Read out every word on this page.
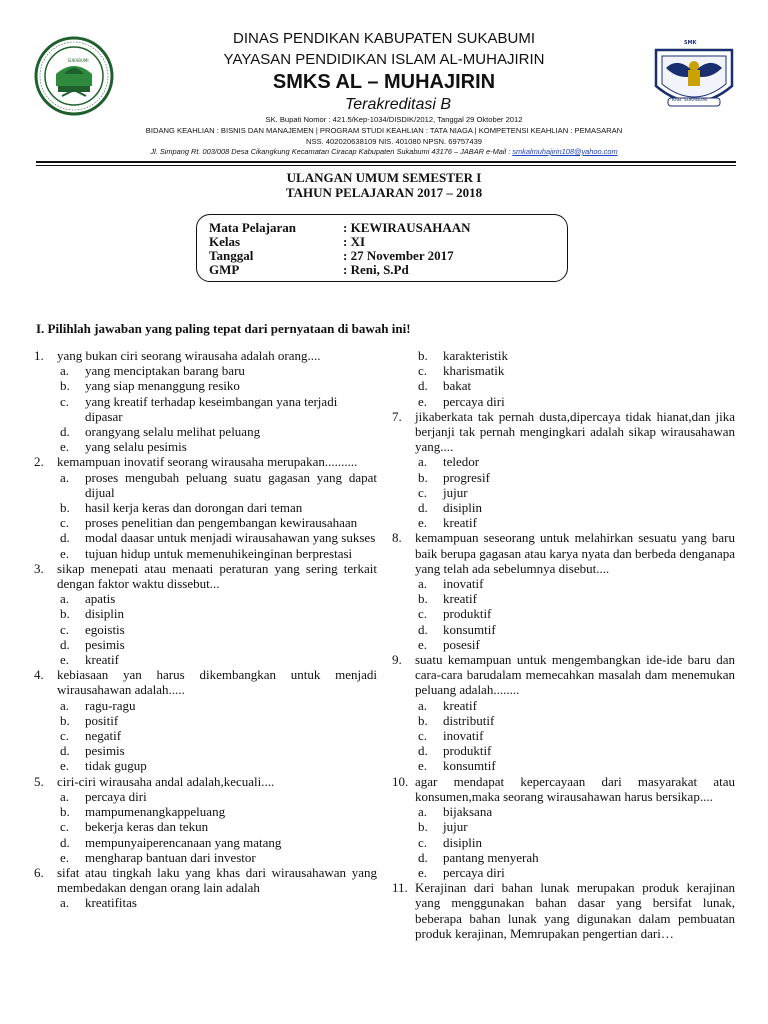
SUKABUMI
SMK
KAB. SUKABUMI
DINAS PENDIKAN KABUPATEN SUKABUMI
YAYASAN PENDIDIKAN ISLAM AL-MUHAJIRIN
SMKS AL – MUHAJIRIN
Terakreditasi B
SK. Bupati Nomor : 421.5/Kep-1034/DISDIK/2012, Tanggal 29 Oktober 2012
BIDANG KEAHLIAN : BISNIS DAN MANAJEMEN | PROGRAM STUDI KEAHLIAN : TATA NIAGA | KOMPETENSI KEAHLIAN : PEMASARAN
NSS. 402020638109 NIS. 401080 NPSN. 69757439
Jl. Simpang Rt. 003/008 Desa Cikangkung Kecamatan Ciracap Kabupaten Sukabumi 43176 – JABAR e-Mail : smkalmuhajirin108@yahoo.com
ULANGAN UMUM SEMESTER I
TAHUN PELAJARAN 2017 – 2018
Mata Pelajaran	: KEWIRAUSAHAAN
Kelas	: XI
Tanggal	: 27 November 2017
GMP	: Reni, S.Pd
I. Pilihlah jawaban yang paling tepat dari pernyataan di bawah ini!
1. yang bukan ciri seorang wirausaha adalah orang....
a. yang menciptakan barang baru
b. yang siap menanggung resiko
c. yang kreatif terhadap keseimbangan yana terjadi dipasar
d. orangyang selalu melihat peluang
e. yang selalu pesimis
2. kemampuan inovatif seorang wirausaha merupakan..........
a. proses mengubah peluang suatu gagasan yang dapat dijual
b. hasil kerja keras dan dorongan dari teman
c. proses penelitian dan pengembangan kewirausahaan
d. modal daasar untuk menjadi wirausahawan yang sukses
e. tujuan hidup untuk memenuhikeinginan berprestasi
3. sikap menepati atau menaati peraturan yang sering terkait dengan faktor waktu dissebut...
a. apatis
b. disiplin
c. egoistis
d. pesimis
e. kreatif
4. kebiasaan yan harus dikembangkan untuk menjadi wirausahawan adalah.....
a. ragu-ragu
b. positif
c. negatif
d. pesimis
e. tidak gugup
5. ciri-ciri wirausaha andal adalah,kecuali....
a. percaya diri
b. mampumenangkappeluang
c. bekerja keras dan tekun
d. mempunyaiperencanaan yang matang
e. mengharap bantuan dari investor
6. sifat atau tingkah laku yang khas dari wirausahawan yang membedakan dengan orang lain adalah
a. kreatifitas
b. karakteristik
c. kharismatik
d. bakat
e. percaya diri
7. jikaberkata tak pernah dusta,dipercaya tidak hianat,dan jika berjanji tak pernah mengingkari adalah sikap wirausahawan yang....
a. teledor
b. progresif
c. jujur
d. disiplin
e. kreatif
8. kemampuan seseorang untuk melahirkan sesuatu yang baru baik berupa gagasan atau karya nyata dan berbeda denganapa yang telah ada sebelumnya disebut....
a. inovatif
b. kreatif
c. produktif
d. konsumtif
e. posesif
9. suatu kemampuan untuk mengembangkan ide-ide baru dan cara-cara barudalam memecahkan masalah dam menemukan peluang adalah........
a. kreatif
b. distributif
c. inovatif
d. produktif
e. konsumtif
10. agar mendapat kepercayaan dari masyarakat atau konsumen,maka seorang wirausahawan harus bersikap....
a. bijaksana
b. jujur
c. disiplin
d. pantang menyerah
e. percaya diri
11. Kerajinan dari bahan lunak merupakan produk kerajinan yang menggunakan bahan dasar yang bersifat lunak, beberapa bahan lunak yang digunakan dalam pembuatan produk kerajinan, Memrupakan pengertian dari…
